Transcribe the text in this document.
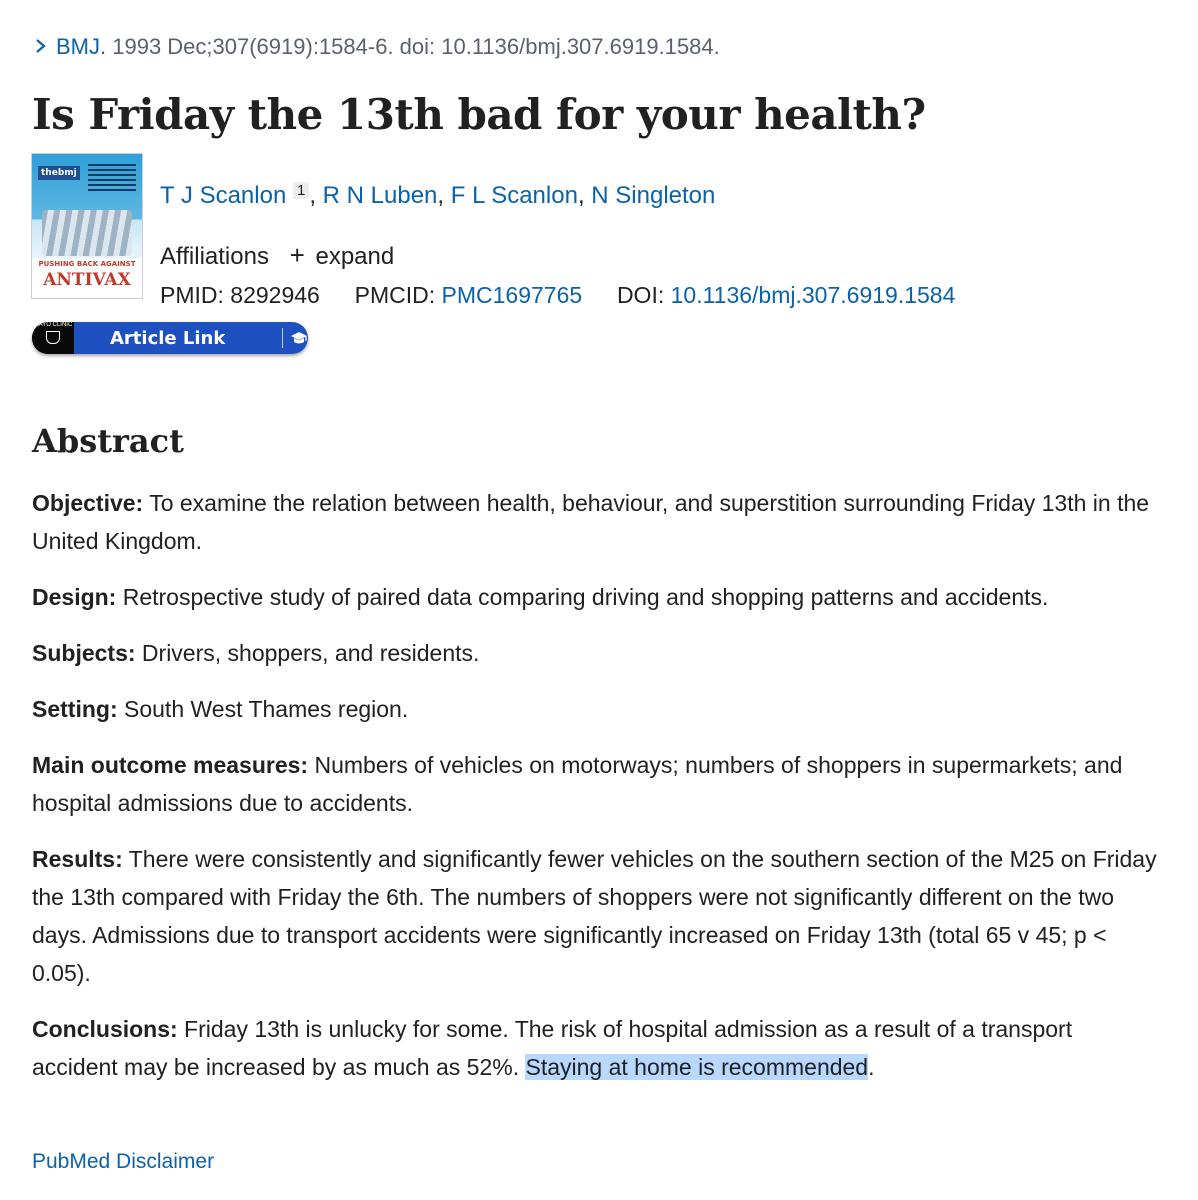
BMJ. 1993 Dec;307(6919):1584-6. doi: 10.1136/bmj.307.6919.1584.
Is Friday the 13th bad for your health?
thebmj
PUSHING BACK AGAINST
ANTIVAX
T J Scanlon $^1$ , R N Luben, F L Scanlon, N Singleton
Affiliations + expand
PMID: 8292946 PMCID: PMC1697765 DOI: 10.1136/bmj.307.6919.1584
MAYO CLINIC
Article Link
Abstract

Objective: To examine the relation between health, behaviour, and superstition surrounding Friday 13th in the United Kingdom.

Design: Retrospective study of paired data comparing driving and shopping patterns and accidents.

Subjects: Drivers, shoppers, and residents.

Setting: South West Thames region.

Main outcome measures: Numbers of vehicles on motorways; numbers of shoppers in supermarkets; and hospital admissions due to accidents.

Results: There were consistently and significantly fewer vehicles on the southern section of the M25 on Friday the 13th compared with Friday the 6th. The numbers of shoppers were not significantly different on the two days. Admissions due to transport accidents were significantly increased on Friday 13th (total 65 v 45; p < 0.05).

Conclusions: Friday 13th is unlucky for some. The risk of hospital admission as a result of a transport accident may be increased by as much as 52%. Staying at home is recommended.

PubMed Disclaimer
